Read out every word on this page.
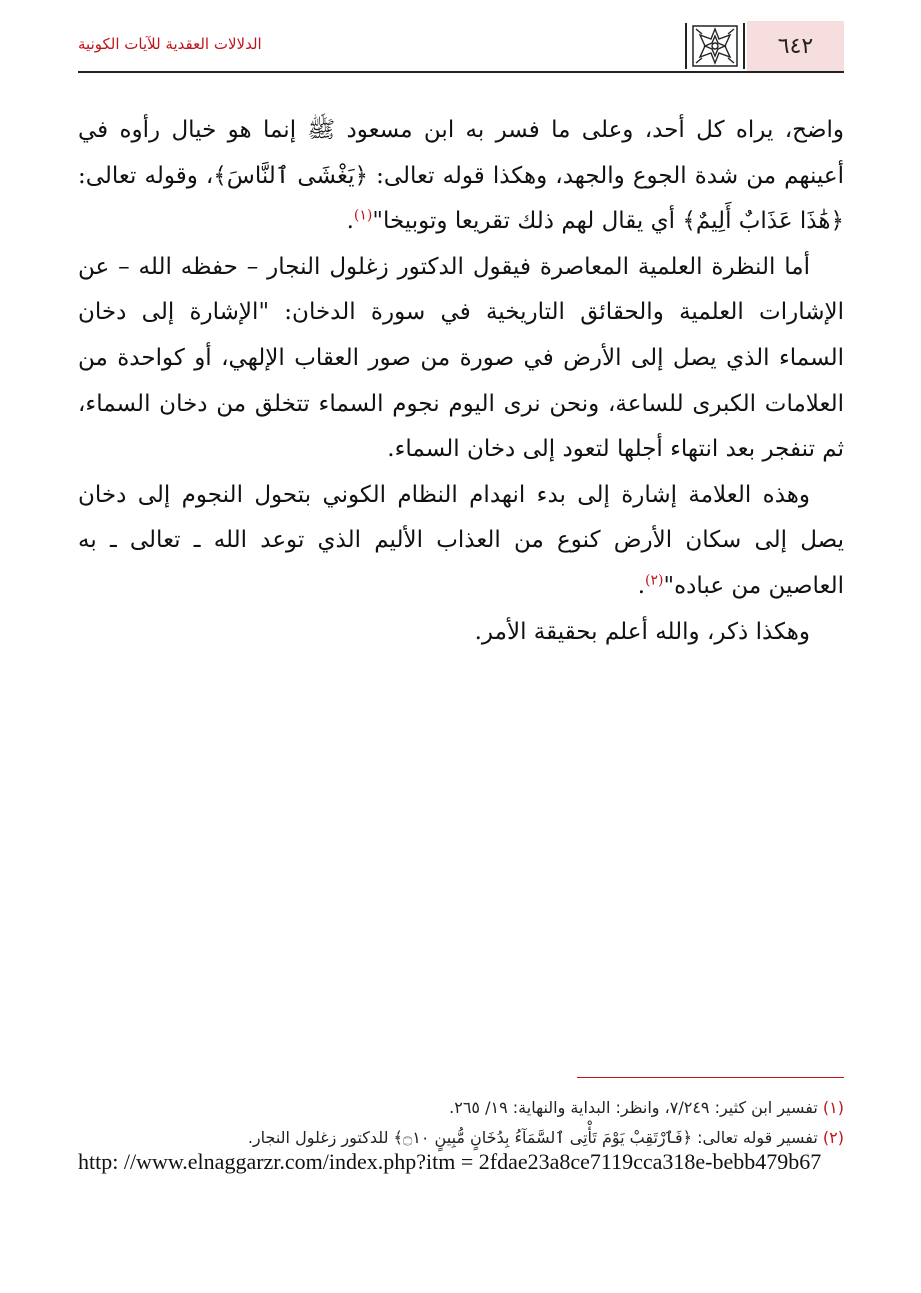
٦٤٢
الدلالات العقدية للآيات الكونية

واضح، يراه كل أحد، وعلى ما فسر به ابن مسعود ﷺ إنما هو خيال رأوه في أعينهم من شدة الجوع والجهد، وهكذا قوله تعالى: ﴿يَغْشَى ٱلنَّاسَ﴾، وقوله تعالى: ﴿هَٰذَا عَذَابٌ أَلِيمٌ﴾ أي يقال لهم ذلك تقريعا وتوبيخا"$^{(١)}$.

أما النظرة العلمية المعاصرة فيقول الدكتور زغلول النجار – حفظه الله – عن الإشارات العلمية والحقائق التاريخية في سورة الدخان: "الإشارة إلى دخان السماء الذي يصل إلى الأرض في صورة من صور العقاب الإلهي، أو كواحدة من العلامات الكبرى للساعة، ونحن نرى اليوم نجوم السماء تتخلق من دخان السماء، ثم تنفجر بعد انتهاء أجلها لتعود إلى دخان السماء.

وهذه العلامة إشارة إلى بدء انهدام النظام الكوني بتحول النجوم إلى دخان يصل إلى سكان الأرض كنوع من العذاب الأليم الذي توعد الله ـ تعالى ـ به العاصين من عباده"$^{(٢)}$.

وهكذا ذكر، والله أعلم بحقيقة الأمر.

(١) تفسير ابن كثير: ٧/٢٤٩، وانظر: البداية والنهاية: ١٩/ ٢٦٥.

(٢) تفسير قوله تعالى: ﴿فَٱرْتَقِبْ يَوْمَ تَأْتِى ٱلسَّمَآءُ بِدُخَانٍ مُّبِينٍ ۝١٠﴾ للدكتور زغلول النجار.

http: //www.elnaggarzr.com/index.php?itm = 2fdae23a8ce7119cca318e-bebb479b67
